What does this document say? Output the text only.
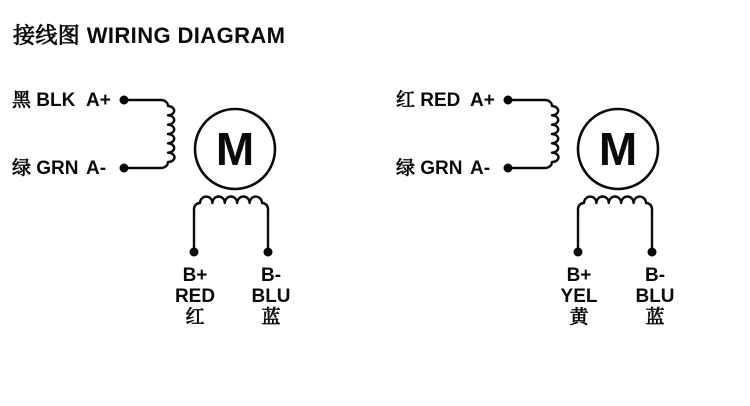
接线图 WIRING DIAGRAM
M
黑 BLK A+
绿 GRN A-
B+
RED
红
B-
BLU
蓝
M
红 RED A+
绿 GRN A-
B+
YEL
黄
B-
BLU
蓝
